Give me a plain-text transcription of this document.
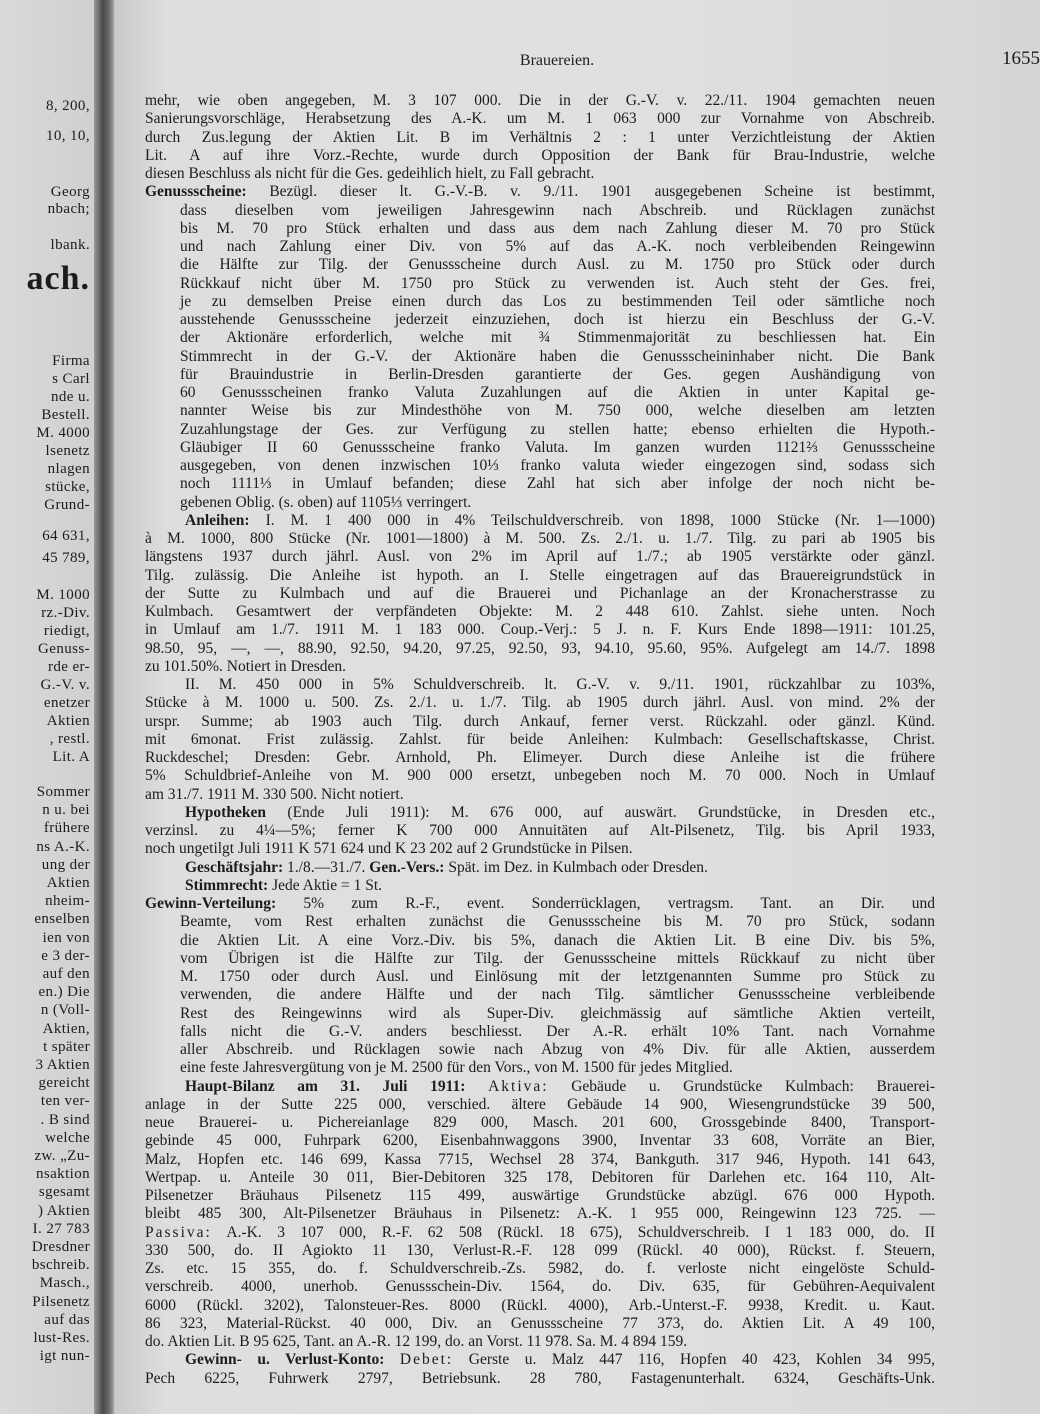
8, 200,
10, 10,
Georg
nbach;
lbank.
ach.
Firma
s Carl
nde u.
Bestell.
M. 4000
lsenetz
nlagen
stücke,
Grund-
64 631,
45 789,
M. 1000
rz.-Div.
riedigt,
Genuss-
rde er-
G.-V. v.
enetzer
Aktien
, restl.
Lit. A
Sommer
n u. bei
frühere
ns A.-K.
ung der
Aktien
nheim-
enselben
ien von
e 3 der-
auf den
en.) Die
n (Voll-
Aktien,
t später
3 Aktien
gereicht
ten ver-
. B sind
welche
zw. „Zu-
nsaktion
sgesamt
) Aktien
I. 27 783
Dresdner
bschreib.
Masch.,
Pilsenetz
auf das
lust-Res.
igt nun-
Brauereien.	1655
mehr, wie oben angegeben, M. 3 107 000. Die in der G.-V. v. 22./11. 1904 gemachten neuen
Sanierungsvorschläge, Herabsetzung des A.-K. um M. 1 063 000 zur Vornahme von Abschreib.
durch Zus.legung der Aktien Lit. B im Verhältnis 2 : 1 unter Verzichtleistung der Aktien
Lit. A auf ihre Vorz.-Rechte, wurde durch Opposition der Bank für Brau-Industrie, welche
diesen Beschluss als nicht für die Ges. gedeihlich hielt, zu Fall gebracht.
Genussscheine: Bezügl. dieser lt. G.-V.-B. v. 9./11. 1901 ausgegebenen Scheine ist bestimmt,
dass dieselben vom jeweiligen Jahresgewinn nach Abschreib. und Rücklagen zunächst
bis M. 70 pro Stück erhalten und dass aus dem nach Zahlung dieser M. 70 pro Stück
und nach Zahlung einer Div. von 5% auf das A.-K. noch verbleibenden Reingewinn
die Hälfte zur Tilg. der Genussscheine durch Ausl. zu M. 1750 pro Stück oder durch
Rückkauf nicht über M. 1750 pro Stück zu verwenden ist. Auch steht der Ges. frei,
je zu demselben Preise einen durch das Los zu bestimmenden Teil oder sämtliche noch
ausstehende Genussscheine jederzeit einzuziehen, doch ist hierzu ein Beschluss der G.-V.
der Aktionäre erforderlich, welche mit ¾ Stimmenmajorität zu beschliessen hat. Ein
Stimmrecht in der G.-V. der Aktionäre haben die Genussscheininhaber nicht. Die Bank
für Brauindustrie in Berlin-Dresden garantierte der Ges. gegen Aushändigung von
60 Genussscheinen franko Valuta Zuzahlungen auf die Aktien in unter Kapital ge-
nannter Weise bis zur Mindesthöhe von M. 750 000, welche dieselben am letzten
Zuzahlungstage der Ges. zur Verfügung zu stellen hatte; ebenso erhielten die Hypoth.-
Gläubiger II 60 Genussscheine franko Valuta. Im ganzen wurden 1121⅔ Genussscheine
ausgegeben, von denen inzwischen 10⅓ franko valuta wieder eingezogen sind, sodass sich
noch 1111⅓ in Umlauf befanden; diese Zahl hat sich aber infolge der noch nicht be-
gebenen Oblig. (s. oben) auf 1105⅓ verringert.
Anleihen: I. M. 1 400 000 in 4% Teilschuldverschreib. von 1898, 1000 Stücke (Nr. 1—1000)
à M. 1000, 800 Stücke (Nr. 1001—1800) à M. 500. Zs. 2./1. u. 1./7. Tilg. zu pari ab 1905 bis
längstens 1937 durch jährl. Ausl. von 2% im April auf 1./7.; ab 1905 verstärkte oder gänzl.
Tilg. zulässig. Die Anleihe ist hypoth. an I. Stelle eingetragen auf das Brauereigrundstück in
der Sutte zu Kulmbach und auf die Brauerei und Pichanlage an der Kronacherstrasse zu
Kulmbach. Gesamtwert der verpfändeten Objekte: M. 2 448 610. Zahlst. siehe unten. Noch
in Umlauf am 1./7. 1911 M. 1 183 000. Coup.-Verj.: 5 J. n. F. Kurs Ende 1898—1911: 101.25,
98.50, 95, —, —, 88.90, 92.50, 94.20, 97.25, 92.50, 93, 94.10, 95.60, 95%. Aufgelegt am 14./7. 1898
zu 101.50%. Notiert in Dresden.
II. M. 450 000 in 5% Schuldverschreib. lt. G.-V. v. 9./11. 1901, rückzahlbar zu 103%,
Stücke à M. 1000 u. 500. Zs. 2./1. u. 1./7. Tilg. ab 1905 durch jährl. Ausl. von mind. 2% der
urspr. Summe; ab 1903 auch Tilg. durch Ankauf, ferner verst. Rückzahl. oder gänzl. Künd.
mit 6monat. Frist zulässig. Zahlst. für beide Anleihen: Kulmbach: Gesellschaftskasse, Christ.
Ruckdeschel; Dresden: Gebr. Arnhold, Ph. Elimeyer. Durch diese Anleihe ist die frühere
5% Schuldbrief-Anleihe von M. 900 000 ersetzt, unbegeben noch M. 70 000. Noch in Umlauf
am 31./7. 1911 M. 330 500. Nicht notiert.
Hypotheken (Ende Juli 1911): M. 676 000, auf auswärt. Grundstücke, in Dresden etc.,
verzinsl. zu 4¼—5%; ferner K 700 000 Annuitäten auf Alt-Pilsenetz, Tilg. bis April 1933,
noch ungetilgt Juli 1911 K 571 624 und K 23 202 auf 2 Grundstücke in Pilsen.
Geschäftsjahr: 1./8.—31./7. Gen.-Vers.: Spät. im Dez. in Kulmbach oder Dresden.
Stimmrecht: Jede Aktie = 1 St.
Gewinn-Verteilung: 5% zum R.-F., event. Sonderrücklagen, vertragsm. Tant. an Dir. und
Beamte, vom Rest erhalten zunächst die Genussscheine bis M. 70 pro Stück, sodann
die Aktien Lit. A eine Vorz.-Div. bis 5%, danach die Aktien Lit. B eine Div. bis 5%,
vom Übrigen ist die Hälfte zur Tilg. der Genussscheine mittels Rückkauf zu nicht über
M. 1750 oder durch Ausl. und Einlösung mit der letztgenannten Summe pro Stück zu
verwenden, die andere Hälfte und der nach Tilg. sämtlicher Genussscheine verbleibende
Rest des Reingewinns wird als Super-Div. gleichmässig auf sämtliche Aktien verteilt,
falls nicht die G.-V. anders beschliesst. Der A.-R. erhält 10% Tant. nach Vornahme
aller Abschreib. und Rücklagen sowie nach Abzug von 4% Div. für alle Aktien, ausserdem
eine feste Jahresvergütung von je M. 2500 für den Vors., von M. 1500 für jedes Mitglied.
Haupt-Bilanz am 31. Juli 1911: Aktiva: Gebäude u. Grundstücke Kulmbach: Brauerei-
anlage in der Sutte 225 000, verschied. ältere Gebäude 14 900, Wiesengrundstücke 39 500,
neue Brauerei- u. Pichereianlage 829 000, Masch. 201 600, Grossgebinde 8400, Transport-
gebinde 45 000, Fuhrpark 6200, Eisenbahnwaggons 3900, Inventar 33 608, Vorräte an Bier,
Malz, Hopfen etc. 146 699, Kassa 7715, Wechsel 28 374, Bankguth. 317 946, Hypoth. 141 643,
Wertpap. u. Anteile 30 011, Bier-Debitoren 325 178, Debitoren für Darlehen etc. 164 110, Alt-
Pilsenetzer Bräuhaus Pilsenetz 115 499, auswärtige Grundstücke abzügl. 676 000 Hypoth.
bleibt 485 300, Alt-Pilsenetzer Bräuhaus in Pilsenetz: A.-K. 1 955 000, Reingewinn 123 725. —
Passiva: A.-K. 3 107 000, R.-F. 62 508 (Rückl. 18 675), Schuldverschreib. I 1 183 000, do. II
330 500, do. II Agiokto 11 130, Verlust-R.-F. 128 099 (Rückl. 40 000), Rückst. f. Steuern,
Zs. etc. 15 355, do. f. Schuldverschreib.-Zs. 5982, do. f. verloste nicht eingelöste Schuld-
verschreib. 4000, unerhob. Genussschein-Div. 1564, do. Div. 635, für Gebühren-Aequivalent
6000 (Rückl. 3202), Talonsteuer-Res. 8000 (Rückl. 4000), Arb.-Unterst.-F. 9938, Kredit. u. Kaut.
86 323, Material-Rückst. 40 000, Div. an Genussscheine 77 373, do. Aktien Lit. A 49 100,
do. Aktien Lit. B 95 625, Tant. an A.-R. 12 199, do. an Vorst. 11 978. Sa. M. 4 894 159.
Gewinn- u. Verlust-Konto: Debet: Gerste u. Malz 447 116, Hopfen 40 423, Kohlen 34 995,
Pech 6225, Fuhrwerk 2797, Betriebsunk. 28 780, Fastagenunterhalt. 6324, Geschäfts-Unk.
